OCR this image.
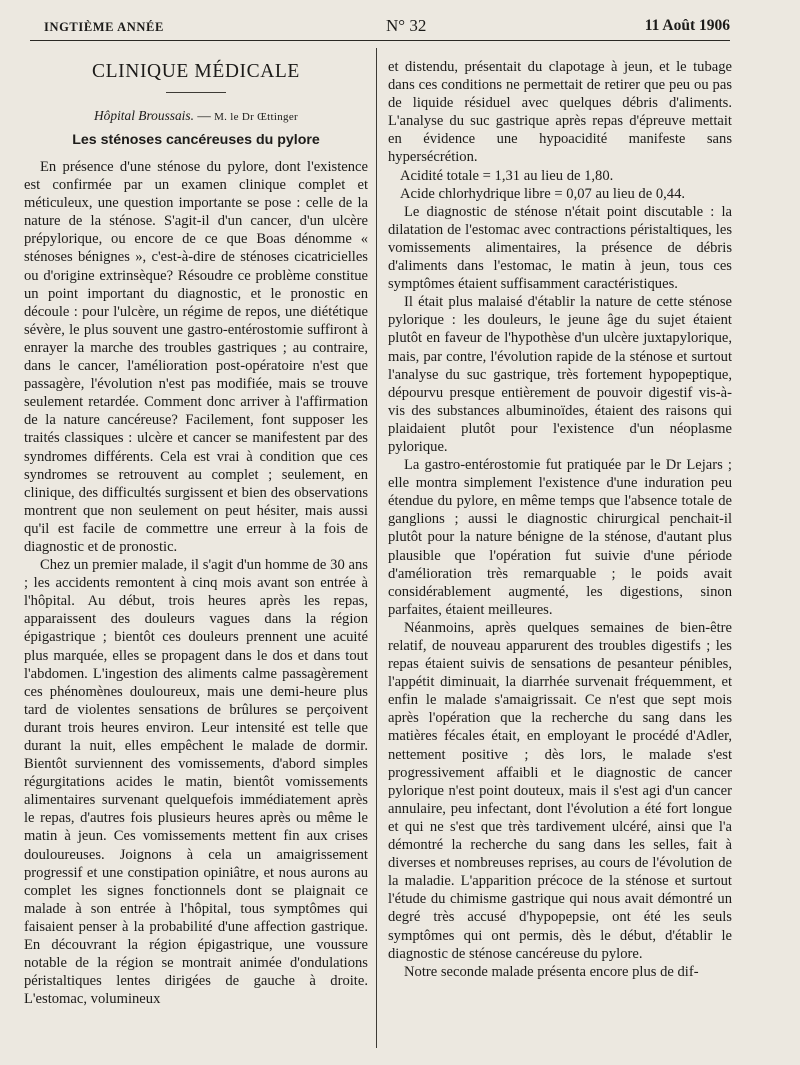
INGTIÈME ANNÉE	N° 32	11 Août 1906
CLINIQUE MÉDICALE
Hôpital Broussais. — M. le Dr Œttinger
Les sténoses cancéreuses du pylore

En présence d'une sténose du pylore, dont l'existence est confirmée par un examen clinique complet et méticuleux, une question importante se pose : celle de la nature de la sténose. S'agit-il d'un cancer, d'un ulcère prépylorique, ou encore de ce que Boas dénomme « sténoses bénignes », c'est-à-dire de sténoses cicatricielles ou d'origine extrinsèque? Résoudre ce problème constitue un point important du diagnostic, et le pronostic en découle : pour l'ulcère, un régime de repos, une diététique sévère, le plus souvent une gastro-entérostomie suffiront à enrayer la marche des troubles gastriques ; au contraire, dans le cancer, l'amélioration post-opératoire n'est que passagère, l'évolution n'est pas modifiée, mais se trouve seulement retardée. Comment donc arriver à l'affirmation de la nature cancéreuse? Facilement, font supposer les traités classiques : ulcère et cancer se manifestent par des syndromes différents. Cela est vrai à condition que ces syndromes se retrouvent au complet ; seulement, en clinique, des difficultés surgissent et bien des observations montrent que non seulement on peut hésiter, mais aussi qu'il est facile de commettre une erreur à la fois de diagnostic et de pronostic.

Chez un premier malade, il s'agit d'un homme de 30 ans ; les accidents remontent à cinq mois avant son entrée à l'hôpital. Au début, trois heures après les repas, apparaissent des douleurs vagues dans la région épigastrique ; bientôt ces douleurs prennent une acuité plus marquée, elles se propagent dans le dos et dans tout l'abdomen. L'ingestion des aliments calme passagèrement ces phénomènes douloureux, mais une demi-heure plus tard de violentes sensations de brûlures se perçoivent durant trois heures environ. Leur intensité est telle que durant la nuit, elles empêchent le malade de dormir. Bientôt surviennent des vomissements, d'abord simples régurgitations acides le matin, bientôt vomissements alimentaires survenant quelquefois immédiatement après le repas, d'autres fois plusieurs heures après ou même le matin à jeun. Ces vomissements mettent fin aux crises douloureuses. Joignons à cela un amaigrissement progressif et une constipation opiniâtre, et nous aurons au complet les signes fonctionnels dont se plaignait ce malade à son entrée à l'hôpital, tous symptômes qui faisaient penser à la probabilité d'une affection gastrique. En découvrant la région épigastrique, une voussure notable de la région se montrait animée d'ondulations péristaltiques lentes dirigées de gauche à droite. L'estomac, volumineux

et distendu, présentait du clapotage à jeun, et le tubage dans ces conditions ne permettait de retirer que peu ou pas de liquide résiduel avec quelques débris d'aliments. L'analyse du suc gastrique après repas d'épreuve mettait en évidence une hypoacidité manifeste sans hypersécrétion.

Acidité totale = 1,31 au lieu de 1,80.

Acide chlorhydrique libre = 0,07 au lieu de 0,44.

Le diagnostic de sténose n'était point discutable : la dilatation de l'estomac avec contractions péristaltiques, les vomissements alimentaires, la présence de débris d'aliments dans l'estomac, le matin à jeun, tous ces symptômes étaient suffisamment caractéristiques.

Il était plus malaisé d'établir la nature de cette sténose pylorique : les douleurs, le jeune âge du sujet étaient plutôt en faveur de l'hypothèse d'un ulcère juxtapylorique, mais, par contre, l'évolution rapide de la sténose et surtout l'analyse du suc gastrique, très fortement hypopeptique, dépourvu presque entièrement de pouvoir digestif vis-à-vis des substances albuminoïdes, étaient des raisons qui plaidaient plutôt pour l'existence d'un néoplasme pylorique.

La gastro-entérostomie fut pratiquée par le Dr Lejars ; elle montra simplement l'existence d'une induration peu étendue du pylore, en même temps que l'absence totale de ganglions ; aussi le diagnostic chirurgical penchait-il plutôt pour la nature bénigne de la sténose, d'autant plus plausible que l'opération fut suivie d'une période d'amélioration très remarquable ; le poids avait considérablement augmenté, les digestions, sinon parfaites, étaient meilleures.

Néanmoins, après quelques semaines de bien-être relatif, de nouveau apparurent des troubles digestifs ; les repas étaient suivis de sensations de pesanteur pénibles, l'appétit diminuait, la diarrhée survenait fréquemment, et enfin le malade s'amaigrissait. Ce n'est que sept mois après l'opération que la recherche du sang dans les matières fécales était, en employant le procédé d'Adler, nettement positive ; dès lors, le malade s'est progressivement affaibli et le diagnostic de cancer pylorique n'est point douteux, mais il s'est agi d'un cancer annulaire, peu infectant, dont l'évolution a été fort longue et qui ne s'est que très tardivement ulcéré, ainsi que l'a démontré la recherche du sang dans les selles, fait à diverses et nombreuses reprises, au cours de l'évolution de la maladie. L'apparition précoce de la sténose et surtout l'étude du chimisme gastrique qui nous avait démontré un degré très accusé d'hypopepsie, ont été les seuls symptômes qui ont permis, dès le début, d'établir le diagnostic de sténose cancéreuse du pylore.

Notre seconde malade présenta encore plus de dif-
